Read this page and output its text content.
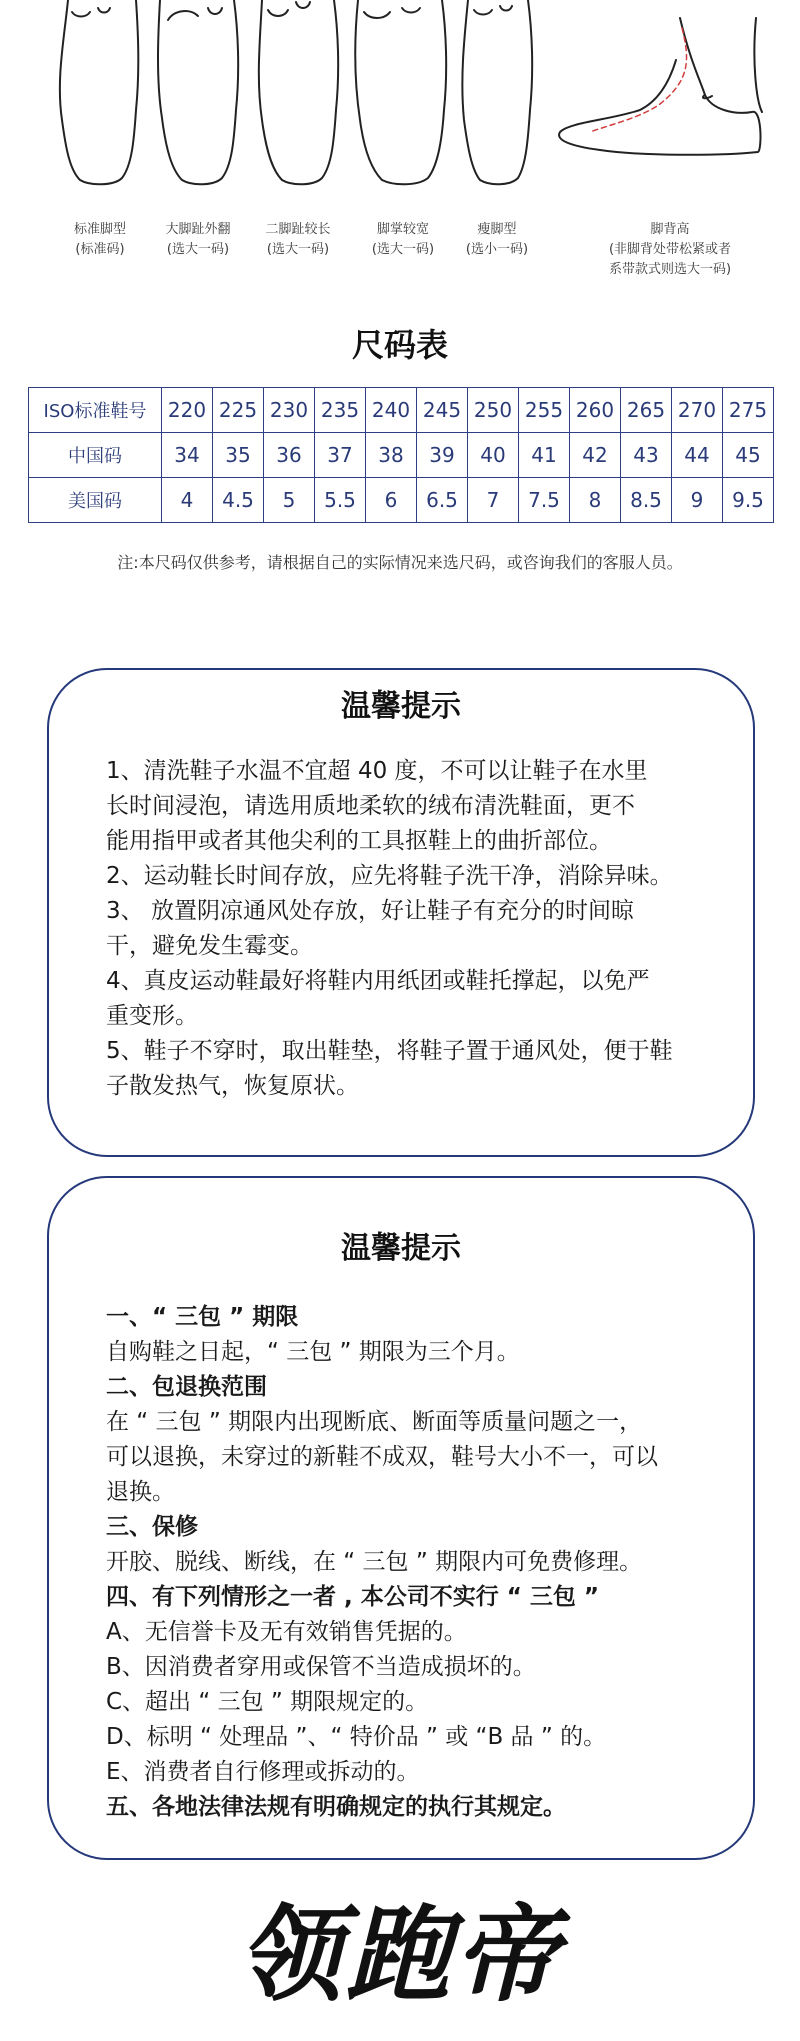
标准脚型
(标准码)
大脚趾外翻
(选大一码)
二脚趾较长
(选大一码)
脚掌较宽
(选大一码)
瘦脚型
(选小一码)
脚背高
(非脚背处带松紧或者
系带款式则选大一码)
尺码表
ISO标准鞋号	220	225	230	235	240	245	250	255	260	265	270	275
中国码	34	35	36	37	38	39	40	41	42	43	44	45
美国码	4	4.5	5	5.5	6	6.5	7	7.5	8	8.5	9	9.5
注:本尺码仅供参考，请根据自己的实际情况来选尺码，或咨询我们的客服人员。
温馨提示

1、清洗鞋子水温不宜超 40 度，不可以让鞋子在水里

长时间浸泡，请选用质地柔软的绒布清洗鞋面，更不

能用指甲或者其他尖利的工具抠鞋上的曲折部位。

2、运动鞋长时间存放，应先将鞋子洗干净，消除异味。

3、 放置阴凉通风处存放，好让鞋子有充分的时间晾

干，避免发生霉变。

4、真皮运动鞋最好将鞋内用纸团或鞋托撑起，以免严

重变形。

5、鞋子不穿时，取出鞋垫，将鞋子置于通风处，便于鞋

子散发热气，恢复原状。

温馨提示

一、“ 三包 ” 期限

自购鞋之日起，“ 三包 ” 期限为三个月。

二、包退换范围

在 “ 三包 ” 期限内出现断底、断面等质量问题之一，

可以退换，未穿过的新鞋不成双，鞋号大小不一，可以

退换。

三、保修

开胶、脱线、断线，在 “ 三包 ” 期限内可免费修理。

四、有下列情形之一者 , 本公司不实行 “ 三包 ”

A、无信誉卡及无有效销售凭据的。

B、因消费者穿用或保管不当造成损坏的。

C、超出 “ 三包 ” 期限规定的。

D、标明 “ 处理品 ”、“ 特价品 ” 或 “B 品 ” 的。

E、消费者自行修理或拆动的。

五、各地法律法规有明确规定的执行其规定。

领跑帝
